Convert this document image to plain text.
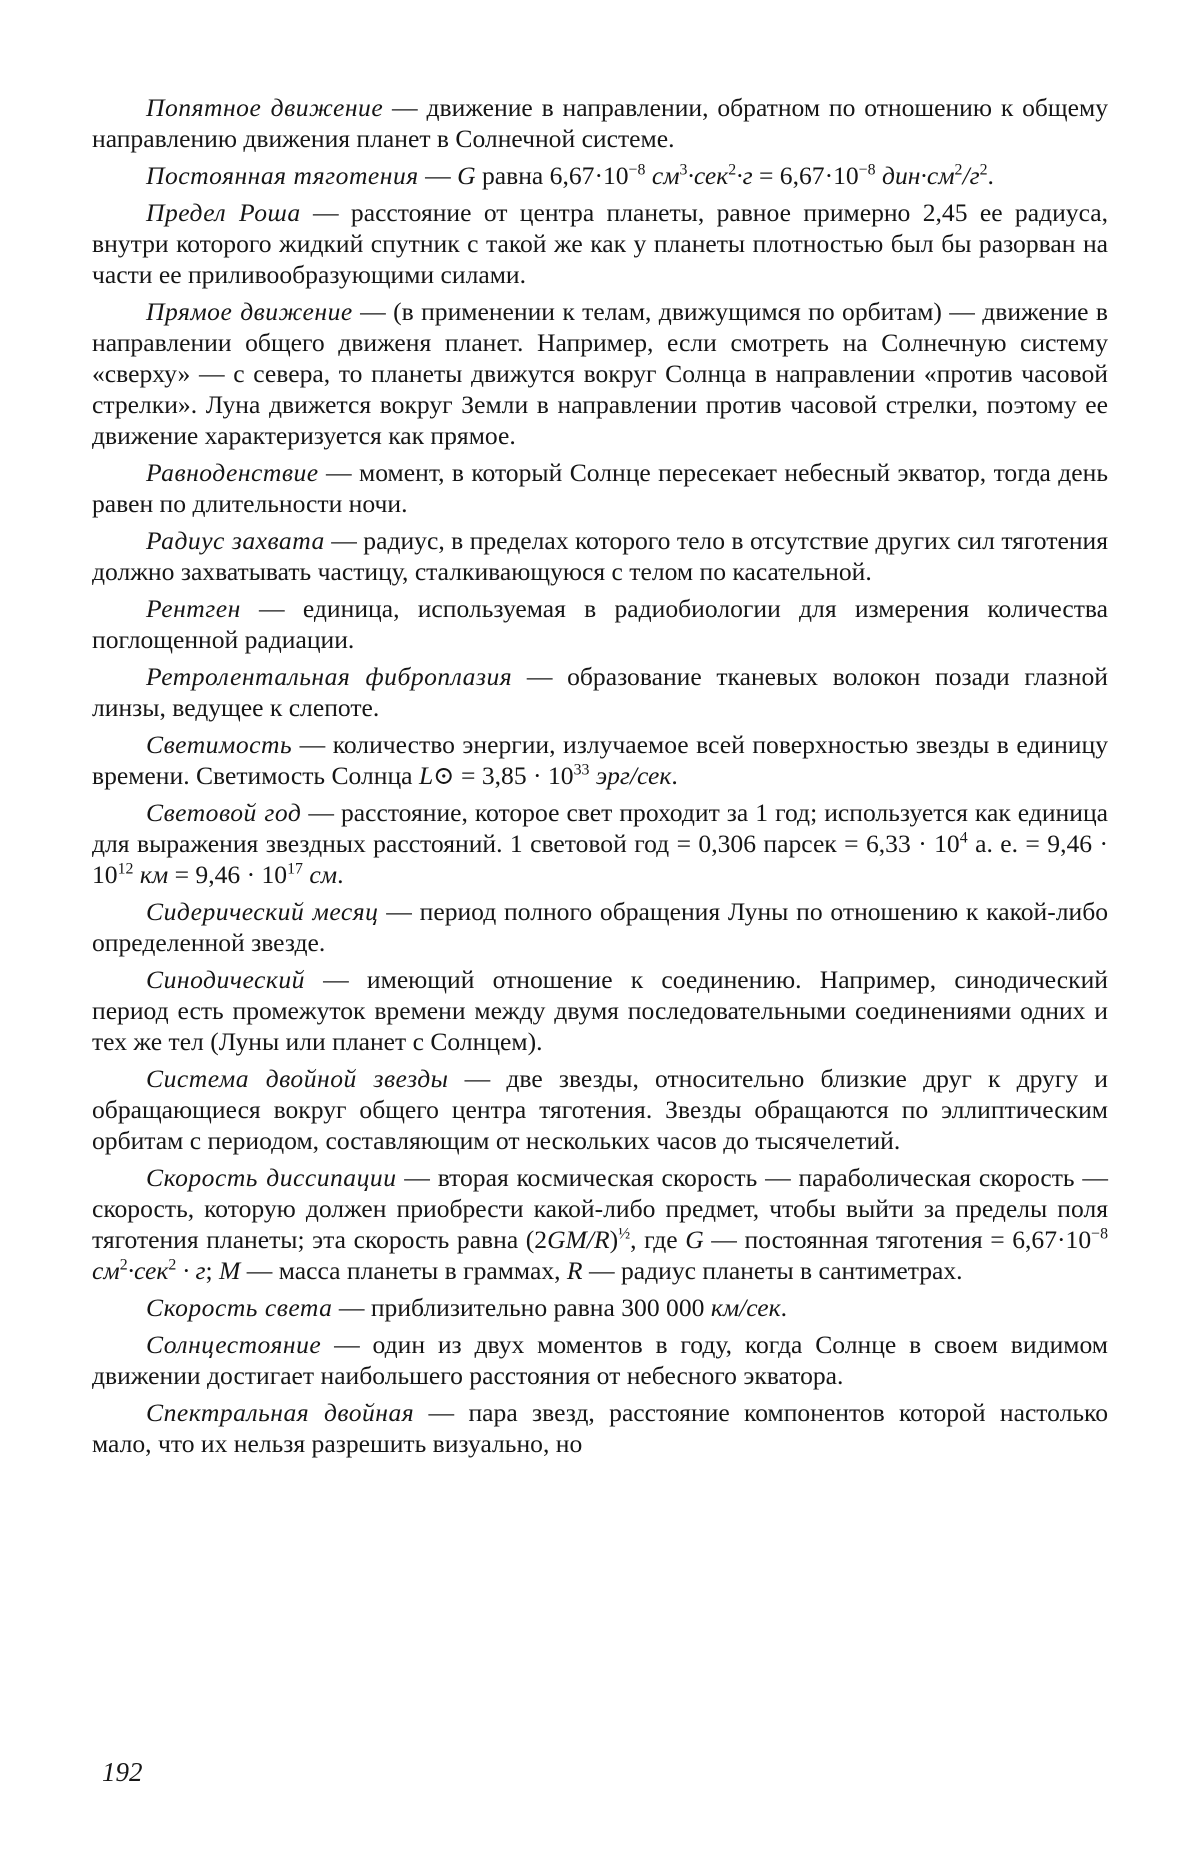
Попятное движение — движение в направлении, обратном по отношению к общему направлению движения планет в Солнечной системе.

Постоянная тяготения — G равна $6,67\cdot 10^{-8}$ $см^3\cdot сек^2\cdot г = 6,67\cdot 10^{-8}$ $дин\cdot см^2/г^2$.

Предел Роша — расстояние от центра планеты, равное примерно 2,45 ее радиуса, внутри которого жидкий спутник с такой же как у планеты плотностью был бы разорван на части ее приливообразующими силами.

Прямое движение — (в применении к телам, движущимся по орбитам) — движение в направлении общего движеня планет. Например, если смотреть на Солнечную систему «сверху» — с севера, то планеты движутся вокруг Солнца в направлении «против часовой стрелки». Луна движется вокруг Земли в направлении против часовой стрелки, поэтому ее движение характеризуется как прямое.

Равноденствие — момент, в который Солнце пересекает небесный экватор, тогда день равен по длительности ночи.

Радиус захвата — радиус, в пределах которого тело в отсутствие других сил тяготения должно захватывать частицу, сталкивающуюся с телом по касательной.

Рентген — единица, используемая в радиобиологии для измерения количества поглощенной радиации.

Ретролентальная фиброплазия — образование тканевых волокон позади глазной линзы, ведущее к слепоте.

Светимость — количество энергии, излучаемое всей поверхностью звезды в единицу времени. Светимость Солнца L⊙ = $3,85 \cdot 10^{33}$ эрг/сек.

Световой год — расстояние, которое свет проходит за 1 год; используется как единица для выражения звездных расстояний. 1 световой год = 0,306 парсек = $6,33 \cdot 10^4$ а. е. = $9,46 \cdot 10^{12}$ км = $9,46 \cdot 10^{17}$ см.

Сидерический месяц — период полного обращения Луны по отношению к какой-либо определенной звезде.

Синодический — имеющий отношение к соединению. Например, синодический период есть промежуток времени между двумя последовательными соединениями одних и тех же тел (Луны или планет с Солнцем).

Система двойной звезды — две звезды, относительно близкие друг к другу и обращающиеся вокруг общего центра тяготения. Звезды обращаются по эллиптическим орбитам с периодом, составляющим от нескольких часов до тысячелетий.

Скорость диссипации — вторая космическая скорость — параболическая скорость — скорость, которую должен приобрести какой-либо предмет, чтобы выйти за пределы поля тяготения планеты; эта скорость равна $(2GM/R)^{\frac{1}{2}}$, где G — постоянная тяготения = $6,67\cdot 10^{-8}$ $см^2\cdot сек^2 \cdot г$; M — масса планеты в граммах, R — радиус планеты в сантиметрах.

Скорость света — приблизительно равна 300 000 км/сек.

Солнцестояние — один из двух моментов в году, когда Солнце в своем видимом движении достигает наибольшего расстояния от небесного экватора.

Спектральная двойная — пара звезд, расстояние компонентов которой настолько мало, что их нельзя разрешить визуально, но

192
